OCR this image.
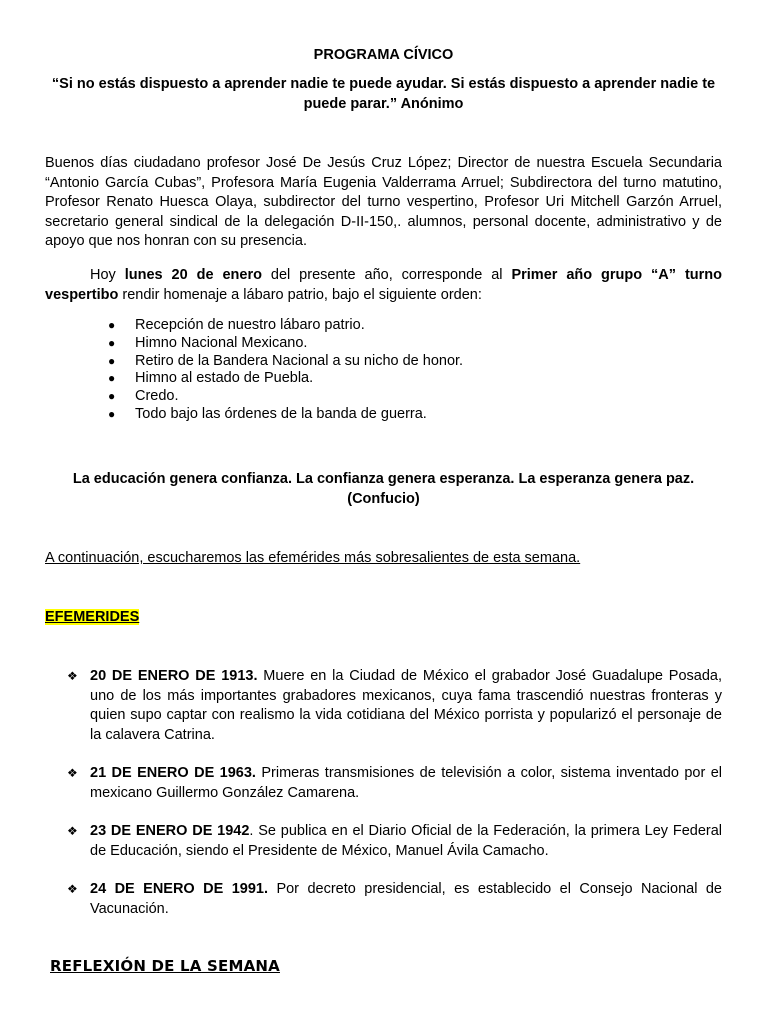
PROGRAMA CÍVICO
“Si no estás dispuesto a aprender nadie te puede ayudar. Si estás dispuesto a aprender nadie te puede parar.” Anónimo
Buenos días ciudadano profesor José De Jesús Cruz López; Director de nuestra Escuela Secundaria “Antonio García Cubas”, Profesora María Eugenia Valderrama Arruel; Subdirectora del turno matutino, Profesor Renato Huesca Olaya, subdirector del turno vespertino, Profesor Uri Mitchell Garzón Arruel, secretario general sindical de la delegación D-II-150,. alumnos, personal docente, administrativo y de apoyo que nos honran con su presencia.
Hoy lunes 20 de enero del presente año, corresponde al Primer año grupo “A” turno vespertibo rendir homenaje a lábaro patrio, bajo el siguiente orden:
● Recepción de nuestro lábaro patrio.
● Himno Nacional Mexicano.
● Retiro de la Bandera Nacional a su nicho de honor.
● Himno al estado de Puebla.
● Credo.
● Todo bajo las órdenes de la banda de guerra.
La educación genera confianza. La confianza genera esperanza. La esperanza genera paz. (Confucio)
A continuación, escucharemos las efemérides más sobresalientes de esta semana.
EFEMERIDES
❖ 20 DE ENERO DE 1913. Muere en la Ciudad de México el grabador José Guadalupe Posada, uno de los más importantes grabadores mexicanos, cuya fama trascendió nuestras fronteras y quien supo captar con realismo la vida cotidiana del México porrista y popularizó el personaje de la calavera Catrina.
❖ 21 DE ENERO DE 1963. Primeras transmisiones de televisión a color, sistema inventado por el mexicano Guillermo González Camarena.
❖ 23 DE ENERO DE 1942. Se publica en el Diario Oficial de la Federación, la primera Ley Federal de Educación, siendo el Presidente de México, Manuel Ávila Camacho.
❖ 24 DE ENERO DE 1991. Por decreto presidencial, es establecido el Consejo Nacional de Vacunación.
REFLEXIÓN DE LA SEMANA
